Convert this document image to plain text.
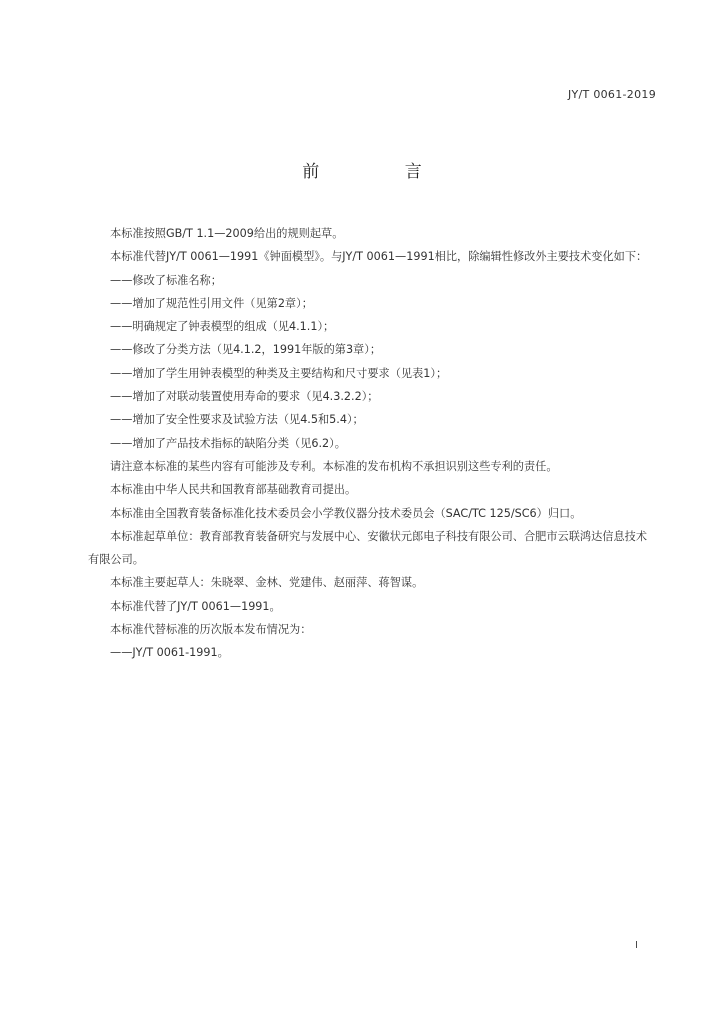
JY/T 0061-2019
前 言

本标准按照GB/T 1.1—2009给出的规则起草。

本标准代替JY/T 0061—1991《钟面模型》。与JY/T 0061—1991相比，除编辑性修改外主要技术变化如下：

——修改了标准名称；

——增加了规范性引用文件（见第2章）；

——明确规定了钟表模型的组成（见4.1.1）；

——修改了分类方法（见4.1.2，1991年版的第3章）；

——增加了学生用钟表模型的种类及主要结构和尺寸要求（见表1）；

——增加了对联动装置使用寿命的要求（见4.3.2.2）；

——增加了安全性要求及试验方法（见4.5和5.4）；

——增加了产品技术指标的缺陷分类（见6.2）。

请注意本标准的某些内容有可能涉及专利。本标准的发布机构不承担识别这些专利的责任。

本标准由中华人民共和国教育部基础教育司提出。

本标准由全国教育装备标准化技术委员会小学教仪器分技术委员会（SAC/TC 125/SC6）归口。

本标准起草单位：教育部教育装备研究与发展中心、安徽状元郎电子科技有限公司、合肥市云联鸿达信息技术有限公司。

本标准主要起草人：朱晓翠、金林、党建伟、赵丽萍、蒋智谋。

本标准代替了JY/T 0061—1991。

本标准代替标准的历次版本发布情况为：

——JY/T 0061-1991。

I
